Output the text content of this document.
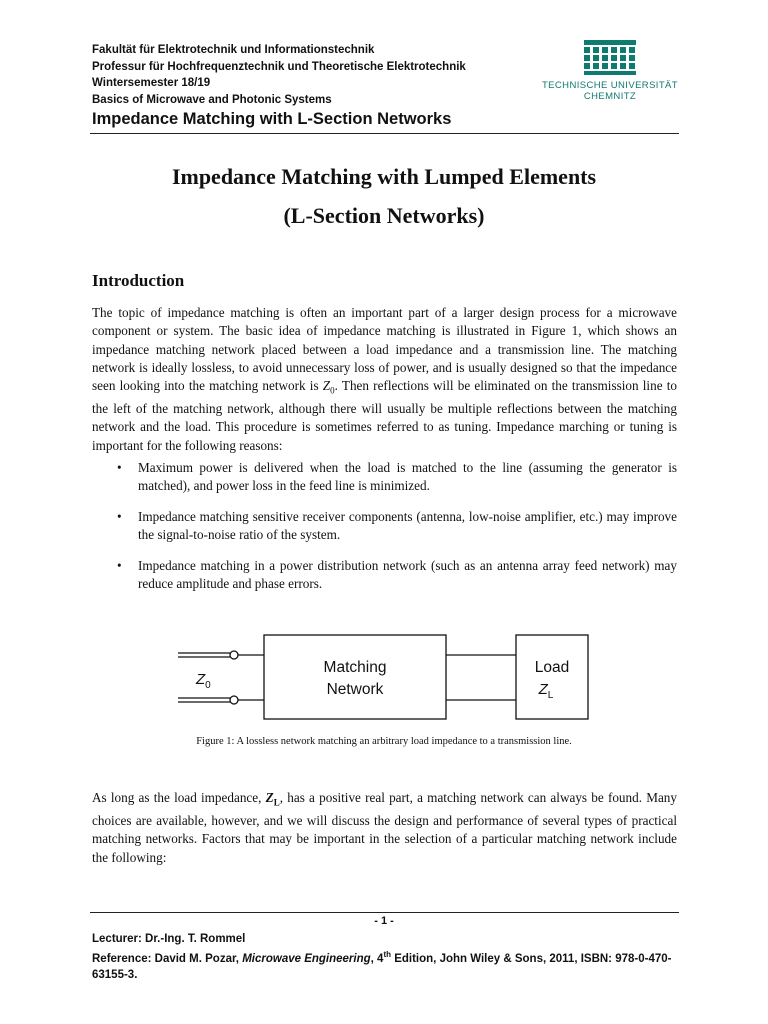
Fakultät für Elektrotechnik und Informationstechnik
Professur für Hochfrequenztechnik und Theoretische Elektrotechnik
Wintersemester 18/19
Basics of Microwave and Photonic Systems
Impedance Matching with L-Section Networks
TECHNISCHE UNIVERSITÄT
CHEMNITZ
Impedance Matching with Lumped Elements
(L-Section Networks)
Introduction

The topic of impedance matching is often an important part of a larger design process for a microwave component or system. The basic idea of impedance matching is illustrated in Figure 1, which shows an impedance matching network placed between a load impedance and a transmission line. The matching network is ideally lossless, to avoid unnecessary loss of power, and is usually designed so that the impedance seen looking into the matching network is $Z_0$. Then reflections will be eliminated on the transmission line to the left of the matching network, although there will usually be multiple reflections between the matching network and the load. This procedure is sometimes referred to as tuning. Impedance marching or tuning is important for the following reasons:

• Maximum power is delivered when the load is matched to the line (assuming the generator is matched), and power loss in the feed line is minimized.

• Impedance matching sensitive receiver components (antenna, low-noise amplifier, etc.) may improve the signal-to-noise ratio of the system.

• Impedance matching in a power distribution network (such as an antenna array feed network) may reduce amplitude and phase errors.

$Z_0$
Matching
Network
Load
$Z_L$
Figure 1: A lossless network matching an arbitrary load impedance to a transmission line.

As long as the load impedance, $Z_L$, has a positive real part, a matching network can always be found. Many choices are available, however, and we will discuss the design and performance of several types of practical matching networks. Factors that may be important in the selection of a particular matching network include the following:

- 1 -
Lecturer: Dr.-Ing. T. Rommel
Reference: David M. Pozar, Microwave Engineering, 4th Edition, John Wiley & Sons, 2011, ISBN: 978-0-470-63155-3.
